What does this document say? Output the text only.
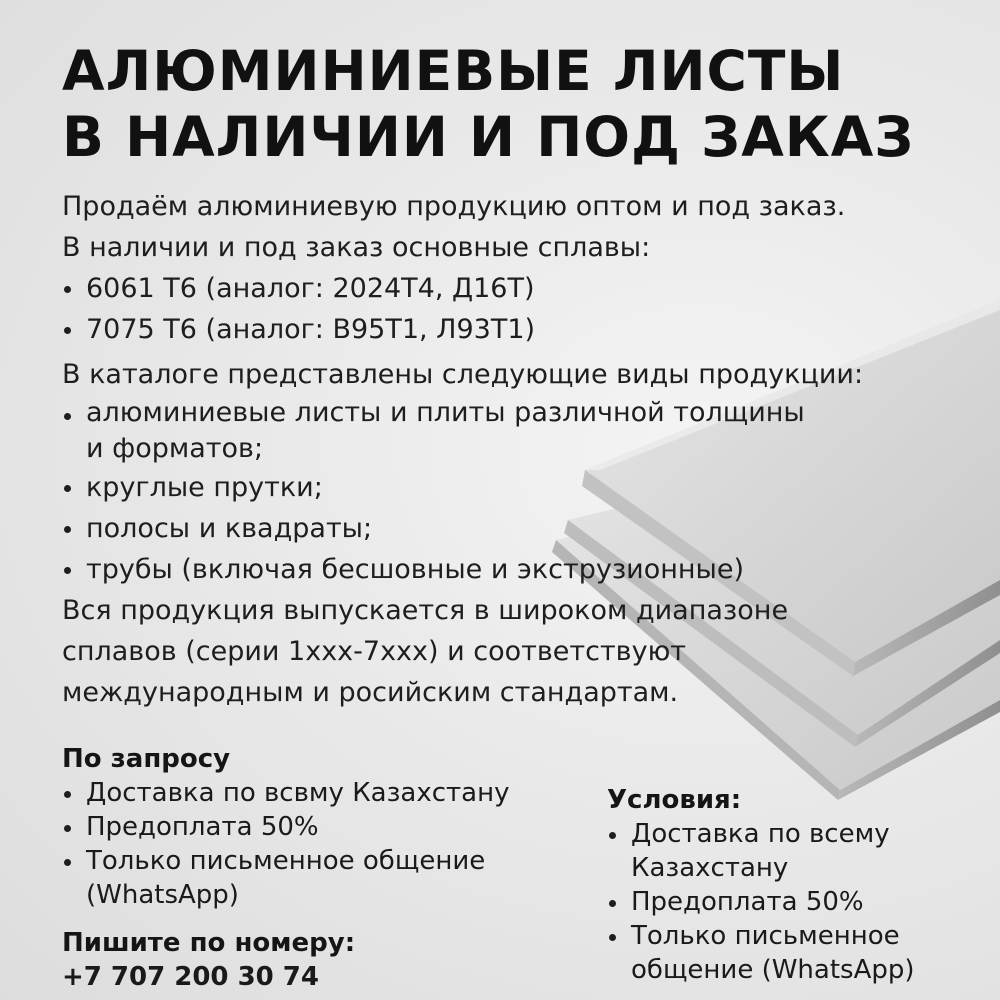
АЛЮМИНИЕВЫЕ ЛИСТЫ
В НАЛИЧИИ И ПОД ЗАКАЗ
Продаём алюминиевую продукцию оптом и под заказ.
В наличии и под заказ основные сплавы:
6061 Т6 (аналог: 2024Т4, Д16Т)
7075 Т6 (аналог: В95Т1, Л93Т1)
В каталоге представлены следующие виды продукции:
алюминиевые листы и плиты различной толщины
и форматов;
круглые прутки;
полосы и квадраты;
трубы (включая бесшовные и экструзионные)
Вся продукция выпускается в широком диапазоне
сплавов (серии 1ххх-7ххх) и соответствуют
международным и росийским стандартам.
По запросу
Доставка по всвму Казахстану
Предоплата 50%
Только письменное общение (WhatsApp)
Пишите по номеру:
+7 707 200 30 74
Условия:
Доставка по всему Казахстану
Предоплата 50%
Только письменное общение (WhatsApp)
